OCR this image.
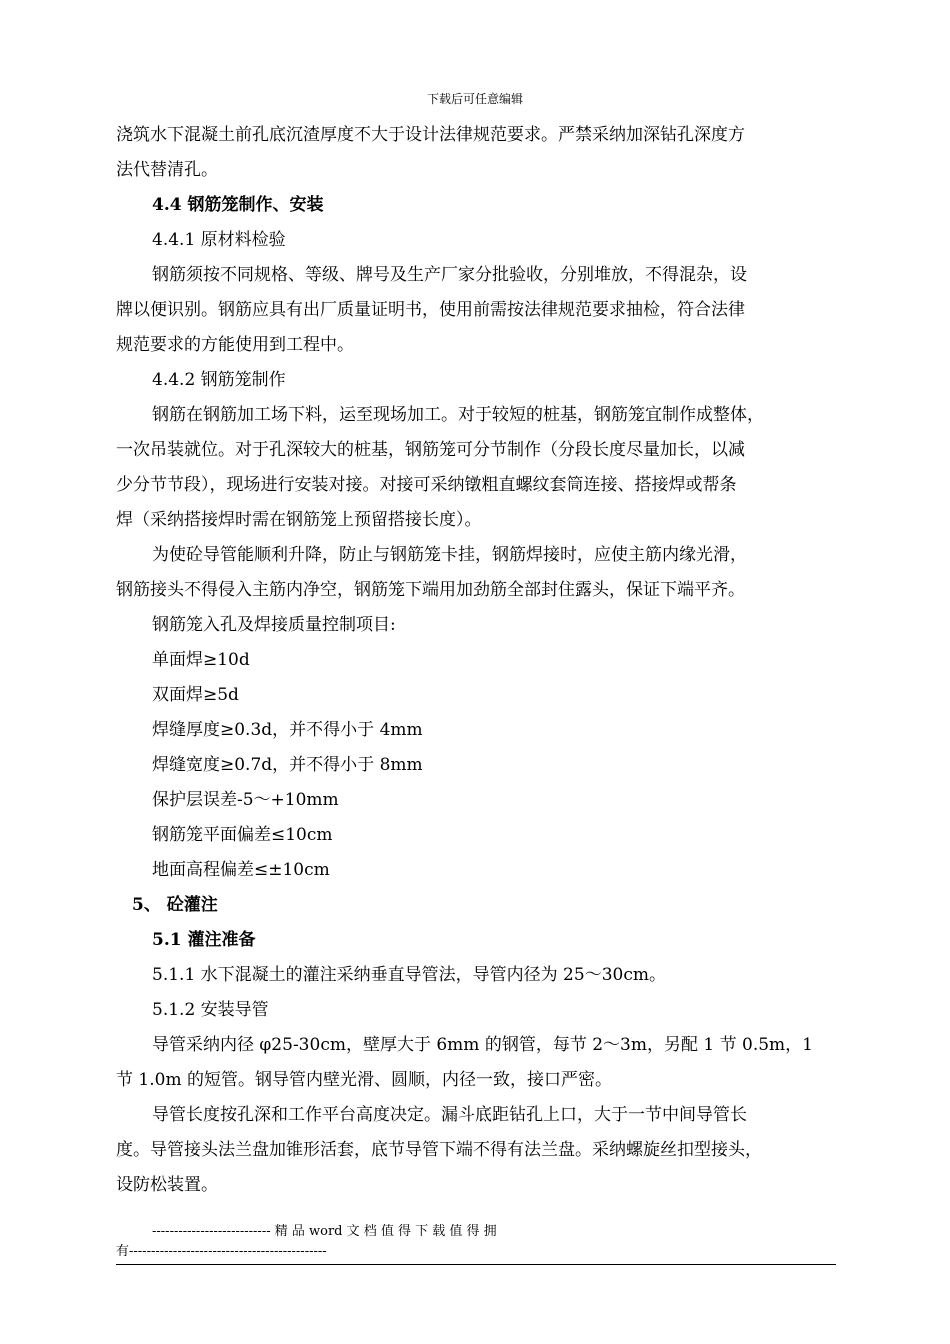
下载后可任意编辑

浇筑水下混凝土前孔底沉渣厚度不大于设计法律规范要求。严禁采纳加深钻孔深度方
法代替清孔。

4.4 钢筋笼制作、安装

4.4.1 原材料检验

钢筋须按不同规格、等级、牌号及生产厂家分批验收，分别堆放，不得混杂，设
牌以便识别。钢筋应具有出厂质量证明书，使用前需按法律规范要求抽检，符合法律
规范要求的方能使用到工程中。

4.4.2 钢筋笼制作

钢筋在钢筋加工场下料，运至现场加工。对于较短的桩基，钢筋笼宜制作成整体，
一次吊装就位。对于孔深较大的桩基，钢筋笼可分节制作（分段长度尽量加长，以减
少分节节段），现场进行安装对接。对接可采纳镦粗直螺纹套筒连接、搭接焊或帮条
焊（采纳搭接焊时需在钢筋笼上预留搭接长度）。

为使砼导管能顺利升降，防止与钢筋笼卡挂，钢筋焊接时，应使主筋内缘光滑，
钢筋接头不得侵入主筋内净空，钢筋笼下端用加劲筋全部封住露头，保证下端平齐。

钢筋笼入孔及焊接质量控制项目:

单面焊≥10d

双面焊≥5d

焊缝厚度≥0.3d，并不得小于 4mm

焊缝宽度≥0.7d，并不得小于 8mm

保护层误差-5～+10mm

钢筋笼平面偏差≤10cm

地面高程偏差≤±10cm

5、 砼灌注

5.1 灌注准备

5.1.1 水下混凝土的灌注采纳垂直导管法，导管内径为 25～30cm。

5.1.2 安装导管

导管采纳内径 φ25-30cm，壁厚大于 6mm 的钢管，每节 2～3m，另配 1 节 0.5m，1
节 1.0m 的短管。钢导管内壁光滑、圆顺，内径一致，接口严密。

导管长度按孔深和工作平台高度决定。漏斗底距钻孔上口，大于一节中间导管长
度。导管接头法兰盘加锥形活套，底节导管下端不得有法兰盘。采纳螺旋丝扣型接头，
设防松装置。

--------------------------- 精 品 word 文 档 值 得 下 载 值 得 拥
有---------------------------------------------
